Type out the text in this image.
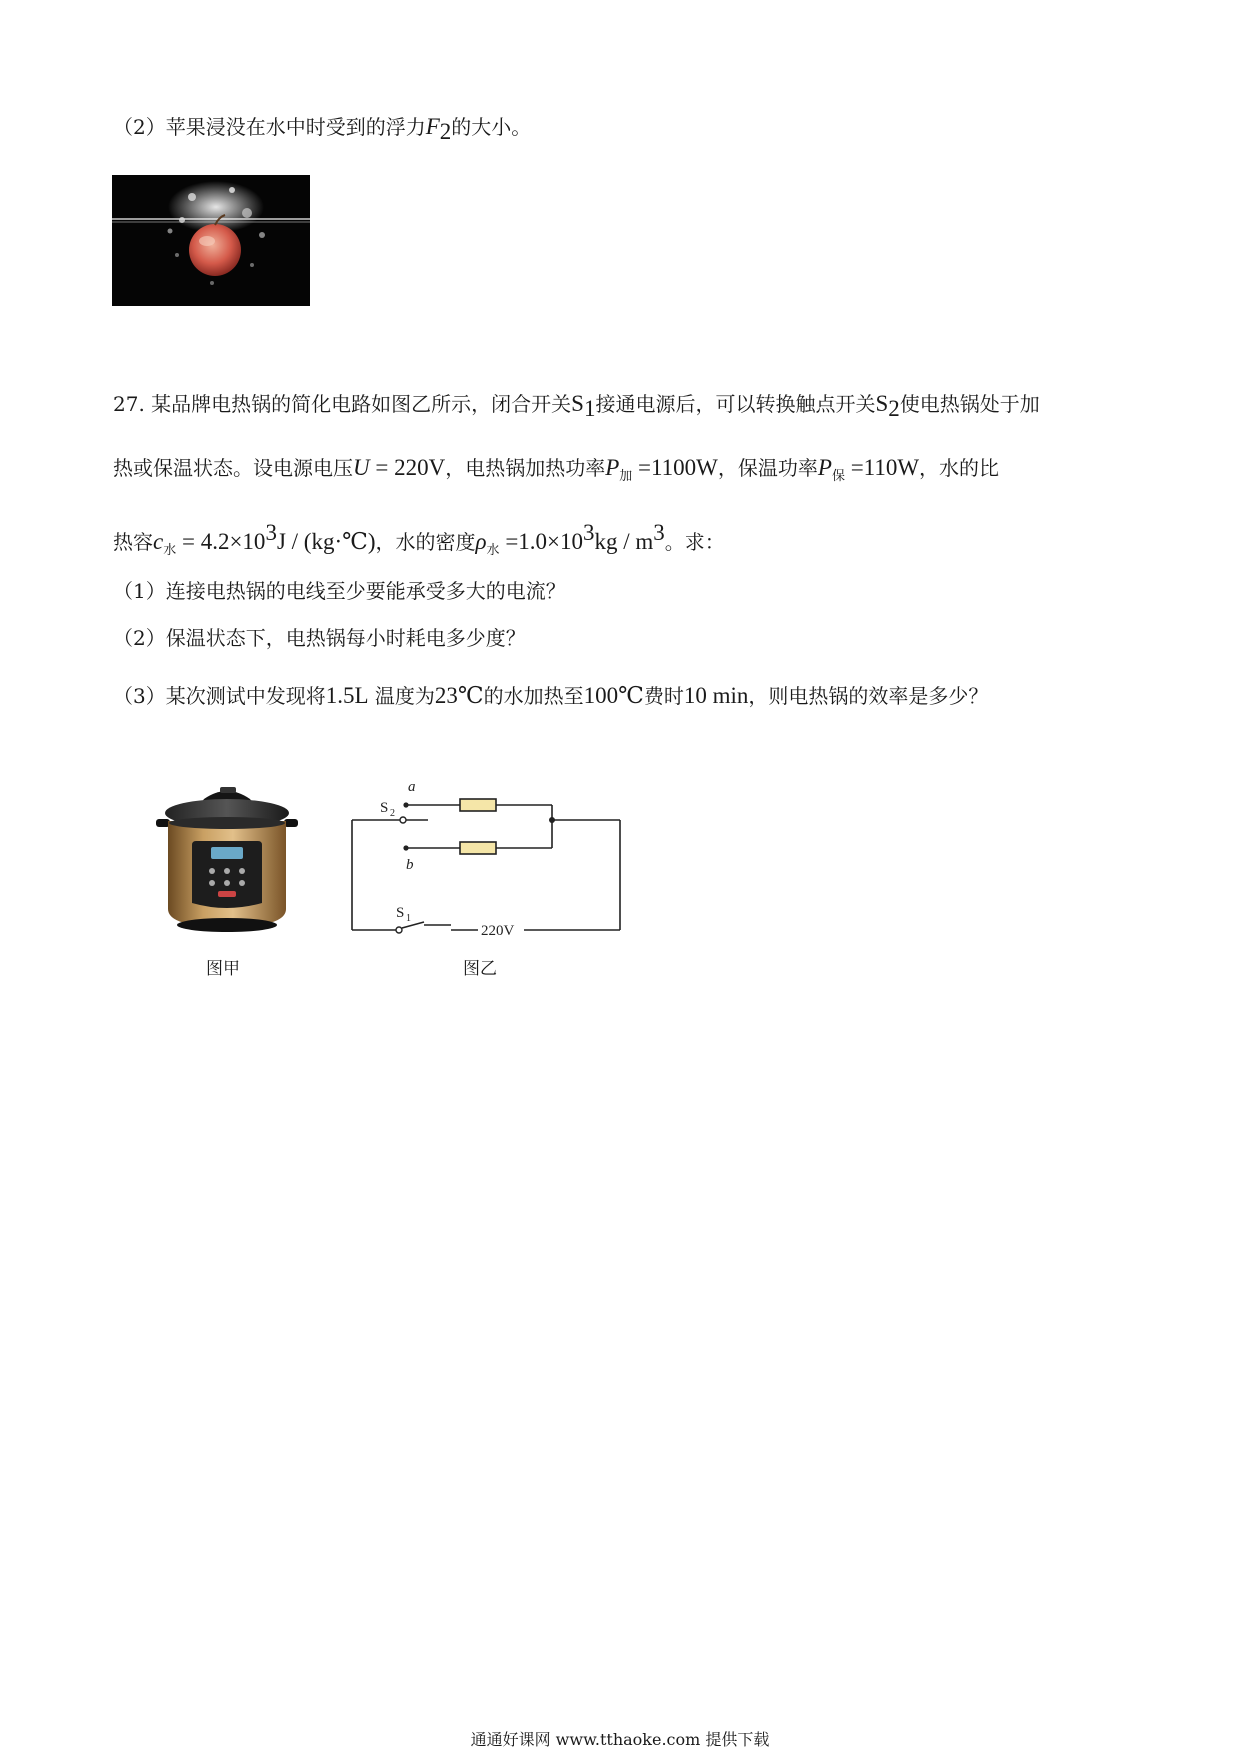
（2）苹果浸没在水中时受到的浮力$F_2$的大小。
27. 某品牌电热锅的简化电路如图乙所示，闭合开关$S_1$接通电源后，可以转换触点开关$S_2$使电热锅处于加
热或保温状态。设电源电压U = 220V，电热锅加热功率$P_加 =1100W$，保温功率$P_保 =110W$，水的比
热容$c_水 = 4.2\times 10^3J$ / (kg·℃)，水的密度$\rho_水 =1.0\times 10^3kg / m^3$。求：
（1）连接电热锅的电线至少要能承受多大的电流？
（2）保温状态下，电热锅每小时耗电多少度？
（3）某次测试中发现将1.5L 温度为23℃的水加热至100℃费时10 min，则电热锅的效率是多少？
a
b
S 2
S 1
220V
图甲	图乙
通通好课网 www.tthaoke.com 提供下载
